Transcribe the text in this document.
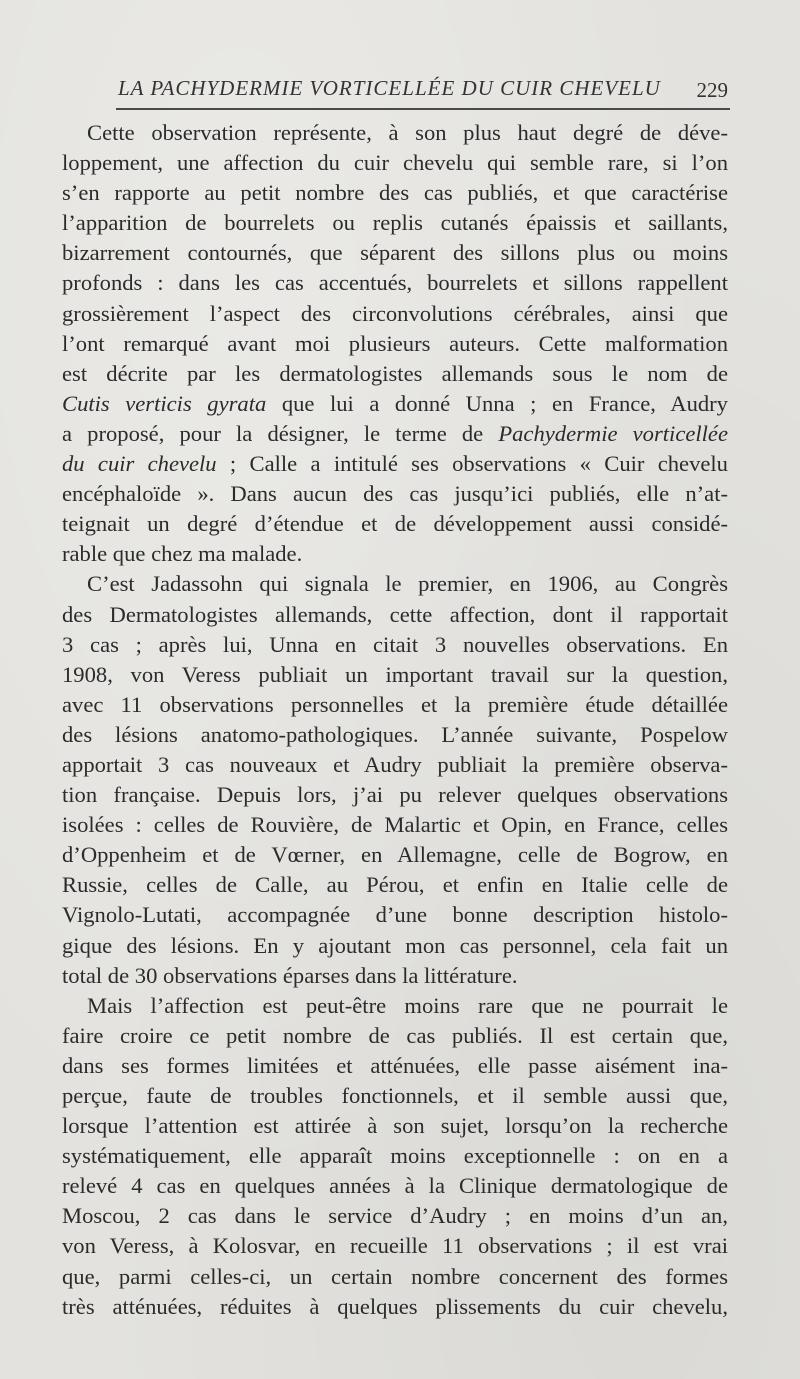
LA PACHYDERMIE VORTICELLÉE DU CUIR CHEVELU 229
Cette observation représente, à son plus haut degré de déve-
loppement, une affection du cuir chevelu qui semble rare, si l’on
s’en rapporte au petit nombre des cas publiés, et que caractérise
l’apparition de bourrelets ou replis cutanés épaissis et saillants,
bizarrement contournés, que séparent des sillons plus ou moins
profonds : dans les cas accentués, bourrelets et sillons rappellent
grossièrement l’aspect des circonvolutions cérébrales, ainsi que
l’ont remarqué avant moi plusieurs auteurs. Cette malformation
est décrite par les dermatologistes allemands sous le nom de
Cutis verticis gyrata que lui a donné Unna ; en France, Audry
a proposé, pour la désigner, le terme de Pachydermie vorticellée
du cuir chevelu ; Calle a intitulé ses observations « Cuir chevelu
encéphaloïde ». Dans aucun des cas jusqu’ici publiés, elle n’at-
teignait un degré d’étendue et de développement aussi considé-
rable que chez ma malade.
C’est Jadassohn qui signala le premier, en 1906, au Congrès
des Dermatologistes allemands, cette affection, dont il rapportait
3 cas ; après lui, Unna en citait 3 nouvelles observations. En
1908, von Veress publiait un important travail sur la question,
avec 11 observations personnelles et la première étude détaillée
des lésions anatomo-pathologiques. L’année suivante, Pospelow
apportait 3 cas nouveaux et Audry publiait la première observa-
tion française. Depuis lors, j’ai pu relever quelques observations
isolées : celles de Rouvière, de Malartic et Opin, en France, celles
d’Oppenheim et de Vœrner, en Allemagne, celle de Bogrow, en
Russie, celles de Calle, au Pérou, et enfin en Italie celle de
Vignolo-Lutati, accompagnée d’une bonne description histolo-
gique des lésions. En y ajoutant mon cas personnel, cela fait un
total de 30 observations éparses dans la littérature.
Mais l’affection est peut-être moins rare que ne pourrait le
faire croire ce petit nombre de cas publiés. Il est certain que,
dans ses formes limitées et atténuées, elle passe aisément ina-
perçue, faute de troubles fonctionnels, et il semble aussi que,
lorsque l’attention est attirée à son sujet, lorsqu’on la recherche
systématiquement, elle apparaît moins exceptionnelle : on en a
relevé 4 cas en quelques années à la Clinique dermatologique de
Moscou, 2 cas dans le service d’Audry ; en moins d’un an,
von Veress, à Kolosvar, en recueille 11 observations ; il est vrai
que, parmi celles-ci, un certain nombre concernent des formes
très atténuées, réduites à quelques plissements du cuir chevelu,
